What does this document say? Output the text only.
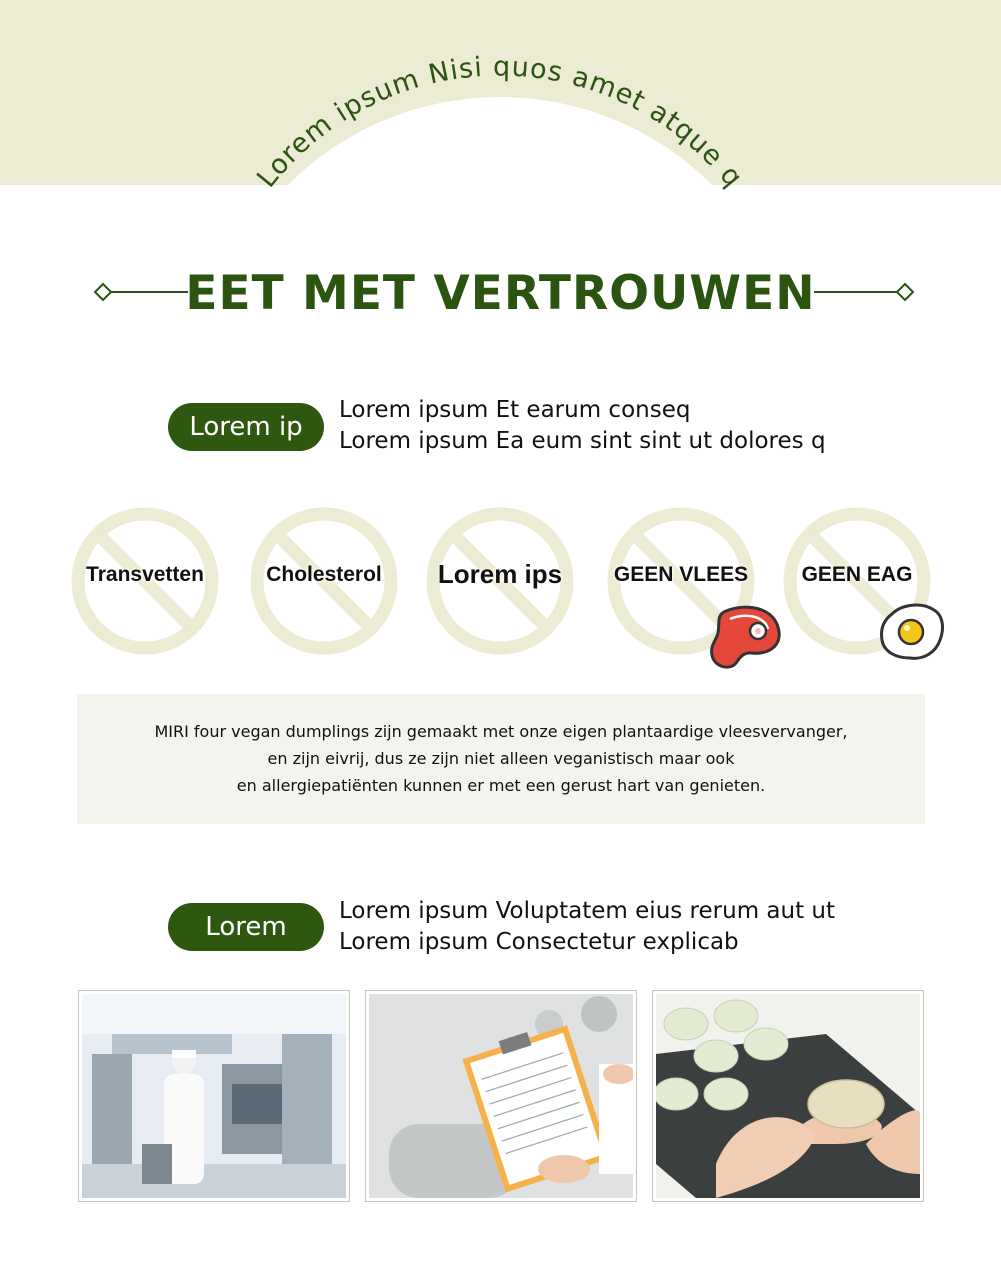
Lorem ipsum Nisi quos amet atque q
EET MET VERTROUWEN
Lorem ip
Lorem ipsum Et earum conseq
Lorem ipsum Ea eum sint sint ut dolores q
Transvetten	Cholesterol	Lorem ips	GEEN VLEES	GEEN EAG
MIRI four vegan dumplings zijn gemaakt met onze eigen plantaardige vleesvervanger,
en zijn eivrij, dus ze zijn niet alleen veganistisch maar ook
en allergiepatiënten kunnen er met een gerust hart van genieten.
Lorem
Lorem ipsum Voluptatem eius rerum aut ut
Lorem ipsum Consectetur explicab
